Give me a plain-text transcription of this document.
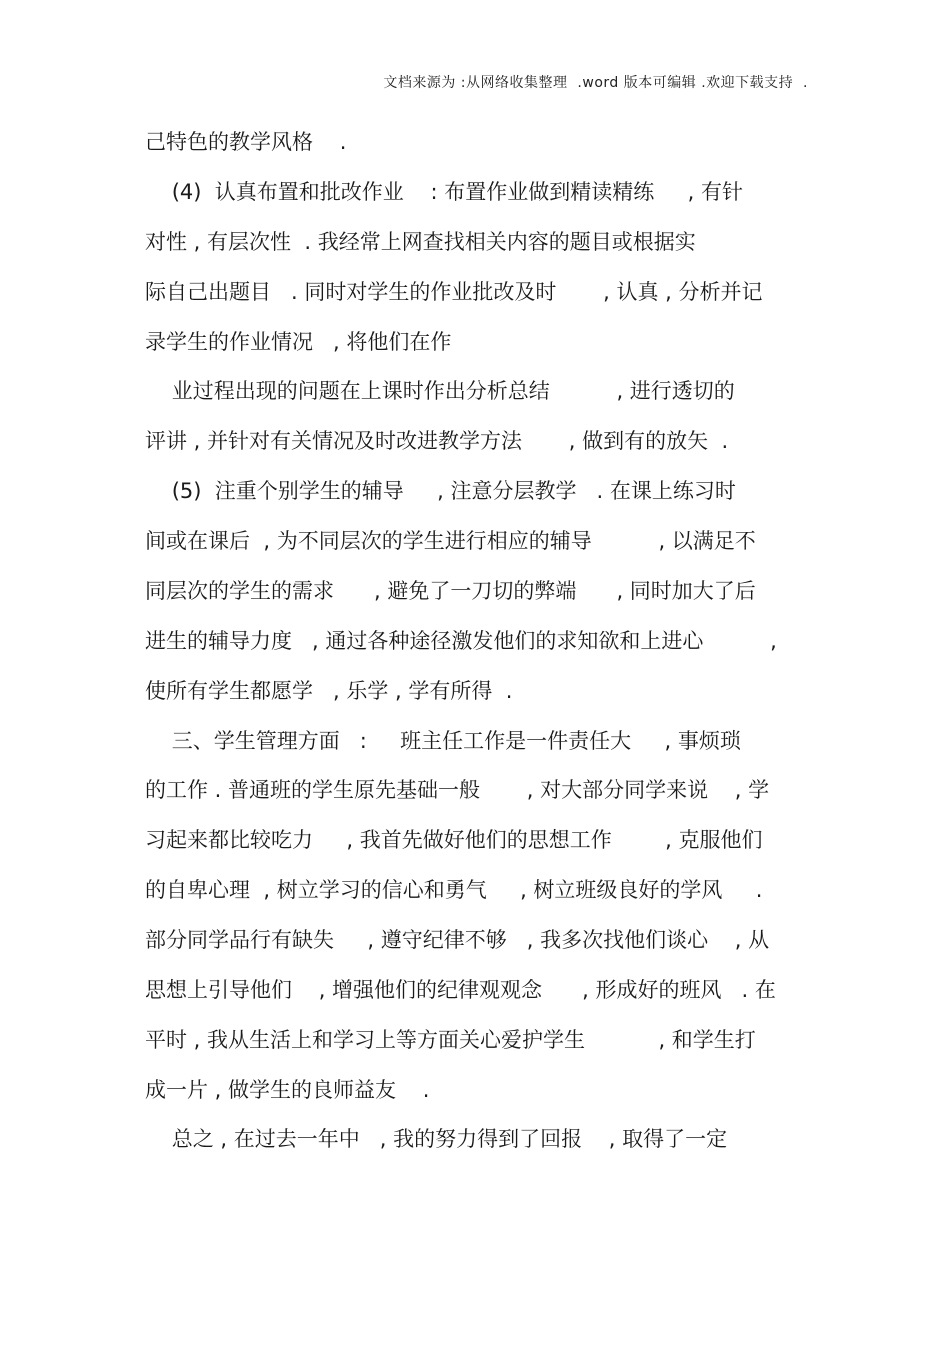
文档来源为 :从网络收集整理  .word 版本可编辑 .欢迎下载支持  .
己特色的教学风格    .
(4)  认真布置和批改作业    : 布置作业做到精读精练     , 有针
对性 , 有层次性  . 我经常上网查找相关内容的题目或根据实
际自己出题目   . 同时对学生的作业批改及时       , 认真 , 分析并记
录学生的作业情况   , 将他们在作
业过程出现的问题在上课时作出分析总结          , 进行透切的
评讲 , 并针对有关情况及时改进教学方法       , 做到有的放矢  .
(5)  注重个别学生的辅导     , 注意分层教学   . 在课上练习时
间或在课后  , 为不同层次的学生进行相应的辅导          , 以满足不
同层次的学生的需求      , 避免了一刀切的弊端      , 同时加大了后
进生的辅导力度   , 通过各种途径激发他们的求知欲和上进心          ,
使所有学生都愿学   , 乐学 , 学有所得  .
三、学生管理方面   :     班主任工作是一件责任大     , 事烦琐
的工作 . 普通班的学生原先基础一般       , 对大部分同学来说    , 学
习起来都比较吃力     , 我首先做好他们的思想工作        , 克服他们
的自卑心理  , 树立学习的信心和勇气     , 树立班级良好的学风     .
部分同学品行有缺失     , 遵守纪律不够   , 我多次找他们谈心    , 从
思想上引导他们    , 增强他们的纪律观观念      , 形成好的班风   . 在
平时 , 我从生活上和学习上等方面关心爱护学生           , 和学生打
成一片 , 做学生的良师益友    .
总之 , 在过去一年中   , 我的努力得到了回报    , 取得了一定
